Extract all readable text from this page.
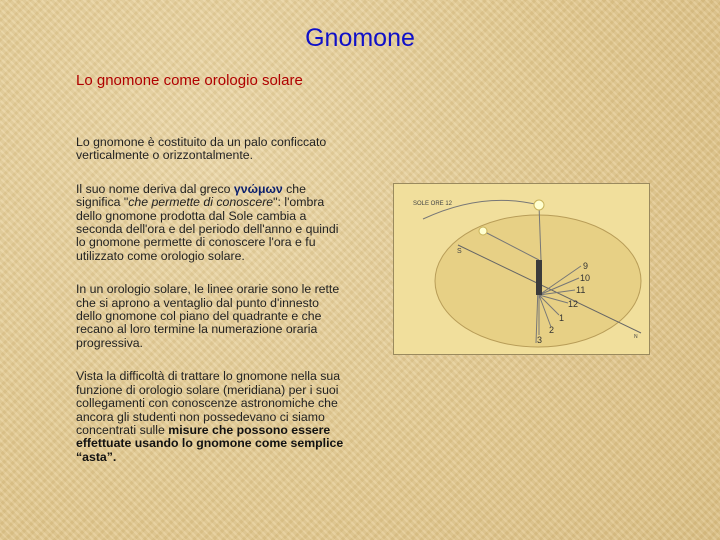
Gnomone
Lo gnomone come orologio solare

Lo gnomone è costituito da un palo conficcato verticalmente o orizzontalmente.

Il suo nome deriva dal greco γνώμων che significa "che permette di conoscere": l'ombra dello gnomone prodotta dal Sole cambia a seconda dell'ora e del periodo dell'anno e quindi lo gnomone permette di conoscere l'ora e fu utilizzato come orologio solare.

In un orologio solare, le linee orarie sono le rette che si aprono a ventaglio dal punto d'innesto dello gnomone col piano del quadrante e che recano al loro termine la numerazione oraria progressiva.

Vista la difficoltà di trattare lo gnomone nella sua funzione di orologio solare (meridiana) per i suoi collegamenti con conoscenze astronomiche che ancora gli studenti non possedevano ci siamo concentrati sulle misure che possono essere effettuate usando lo gnomone come semplice “asta”.

SOLE ORE 12
S
N
3
2
1
12
11
10
9
